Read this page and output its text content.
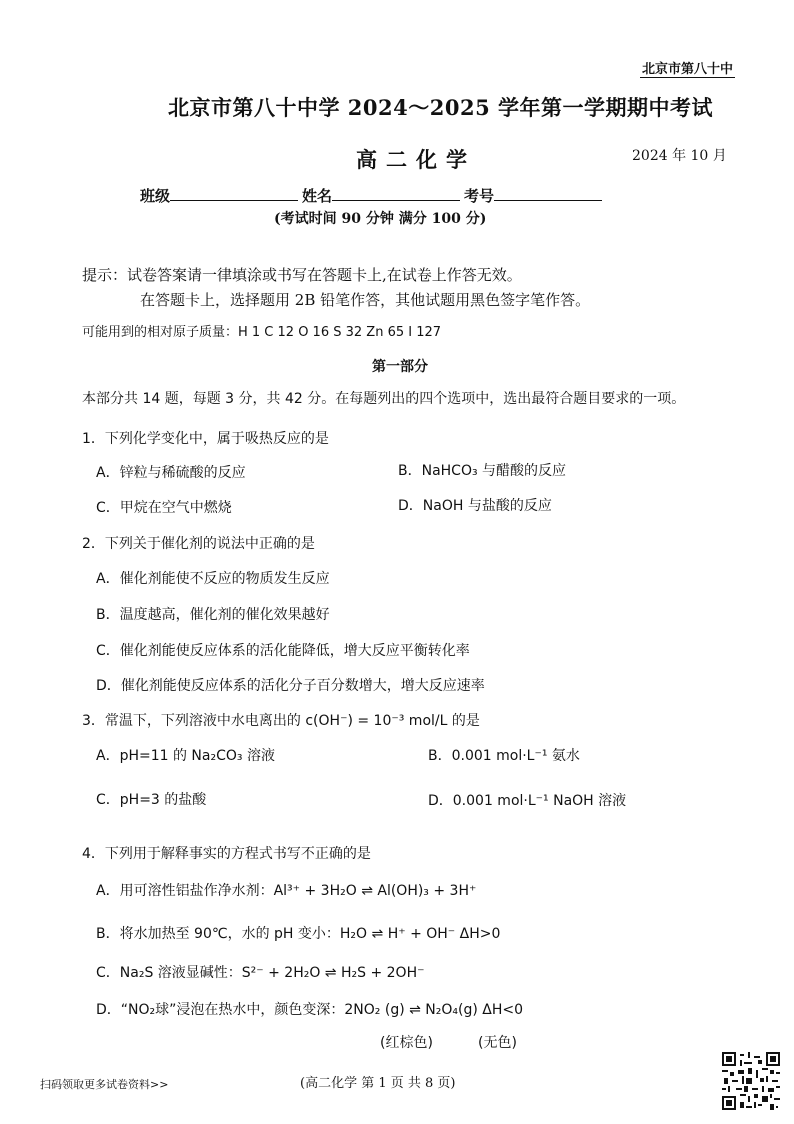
北京市第八十中
北京市第八十中学 2024～2025 学年第一学期期中考试
高二化学	2024 年 10 月
班级	姓名	考号
(考试时间 90 分钟 满分 100 分)
提示：试卷答案请一律填涂或书写在答题卡上,在试卷上作答无效。
在答题卡上，选择题用 2B 铅笔作答，其他试题用黑色签字笔作答。
可能用到的相对原子质量：H 1 C 12 O 16 S 32 Zn 65 I 127
第一部分
本部分共 14 题，每题 3 分，共 42 分。在每题列出的四个选项中，选出最符合题目要求的一项。
1．下列化学变化中，属于吸热反应的是
A．锌粒与稀硫酸的反应	B．NaHCO₃ 与醋酸的反应
C．甲烷在空气中燃烧	D．NaOH 与盐酸的反应
2．下列关于催化剂的说法中正确的是
A．催化剂能使不反应的物质发生反应
B．温度越高，催化剂的催化效果越好
C．催化剂能使反应体系的活化能降低，增大反应平衡转化率
D．催化剂能使反应体系的活化分子百分数增大，增大反应速率
3．常温下，下列溶液中水电离出的 c(OH⁻) = 10⁻³ mol/L 的是
A．pH=11 的 Na₂CO₃ 溶液	B．0.001 mol·L⁻¹ 氨水
C．pH=3 的盐酸	D．0.001 mol·L⁻¹ NaOH 溶液
4．下列用于解释事实的方程式书写不正确的是
A．用可溶性铝盐作净水剂：Al³⁺ + 3H₂O ⇌ Al(OH)₃ + 3H⁺
B．将水加热至 90℃，水的 pH 变小：H₂O ⇌ H⁺ + OH⁻ ΔH>0
C．Na₂S 溶液显碱性：S²⁻ + 2H₂O ⇌ H₂S + 2OH⁻
D．“NO₂球”浸泡在热水中，颜色变深：2NO₂ (g) ⇌ N₂O₄(g) ΔH<0
(红棕色)	(无色)
扫码领取更多试卷资料>>	(高二化学 第 1 页 共 8 页)
